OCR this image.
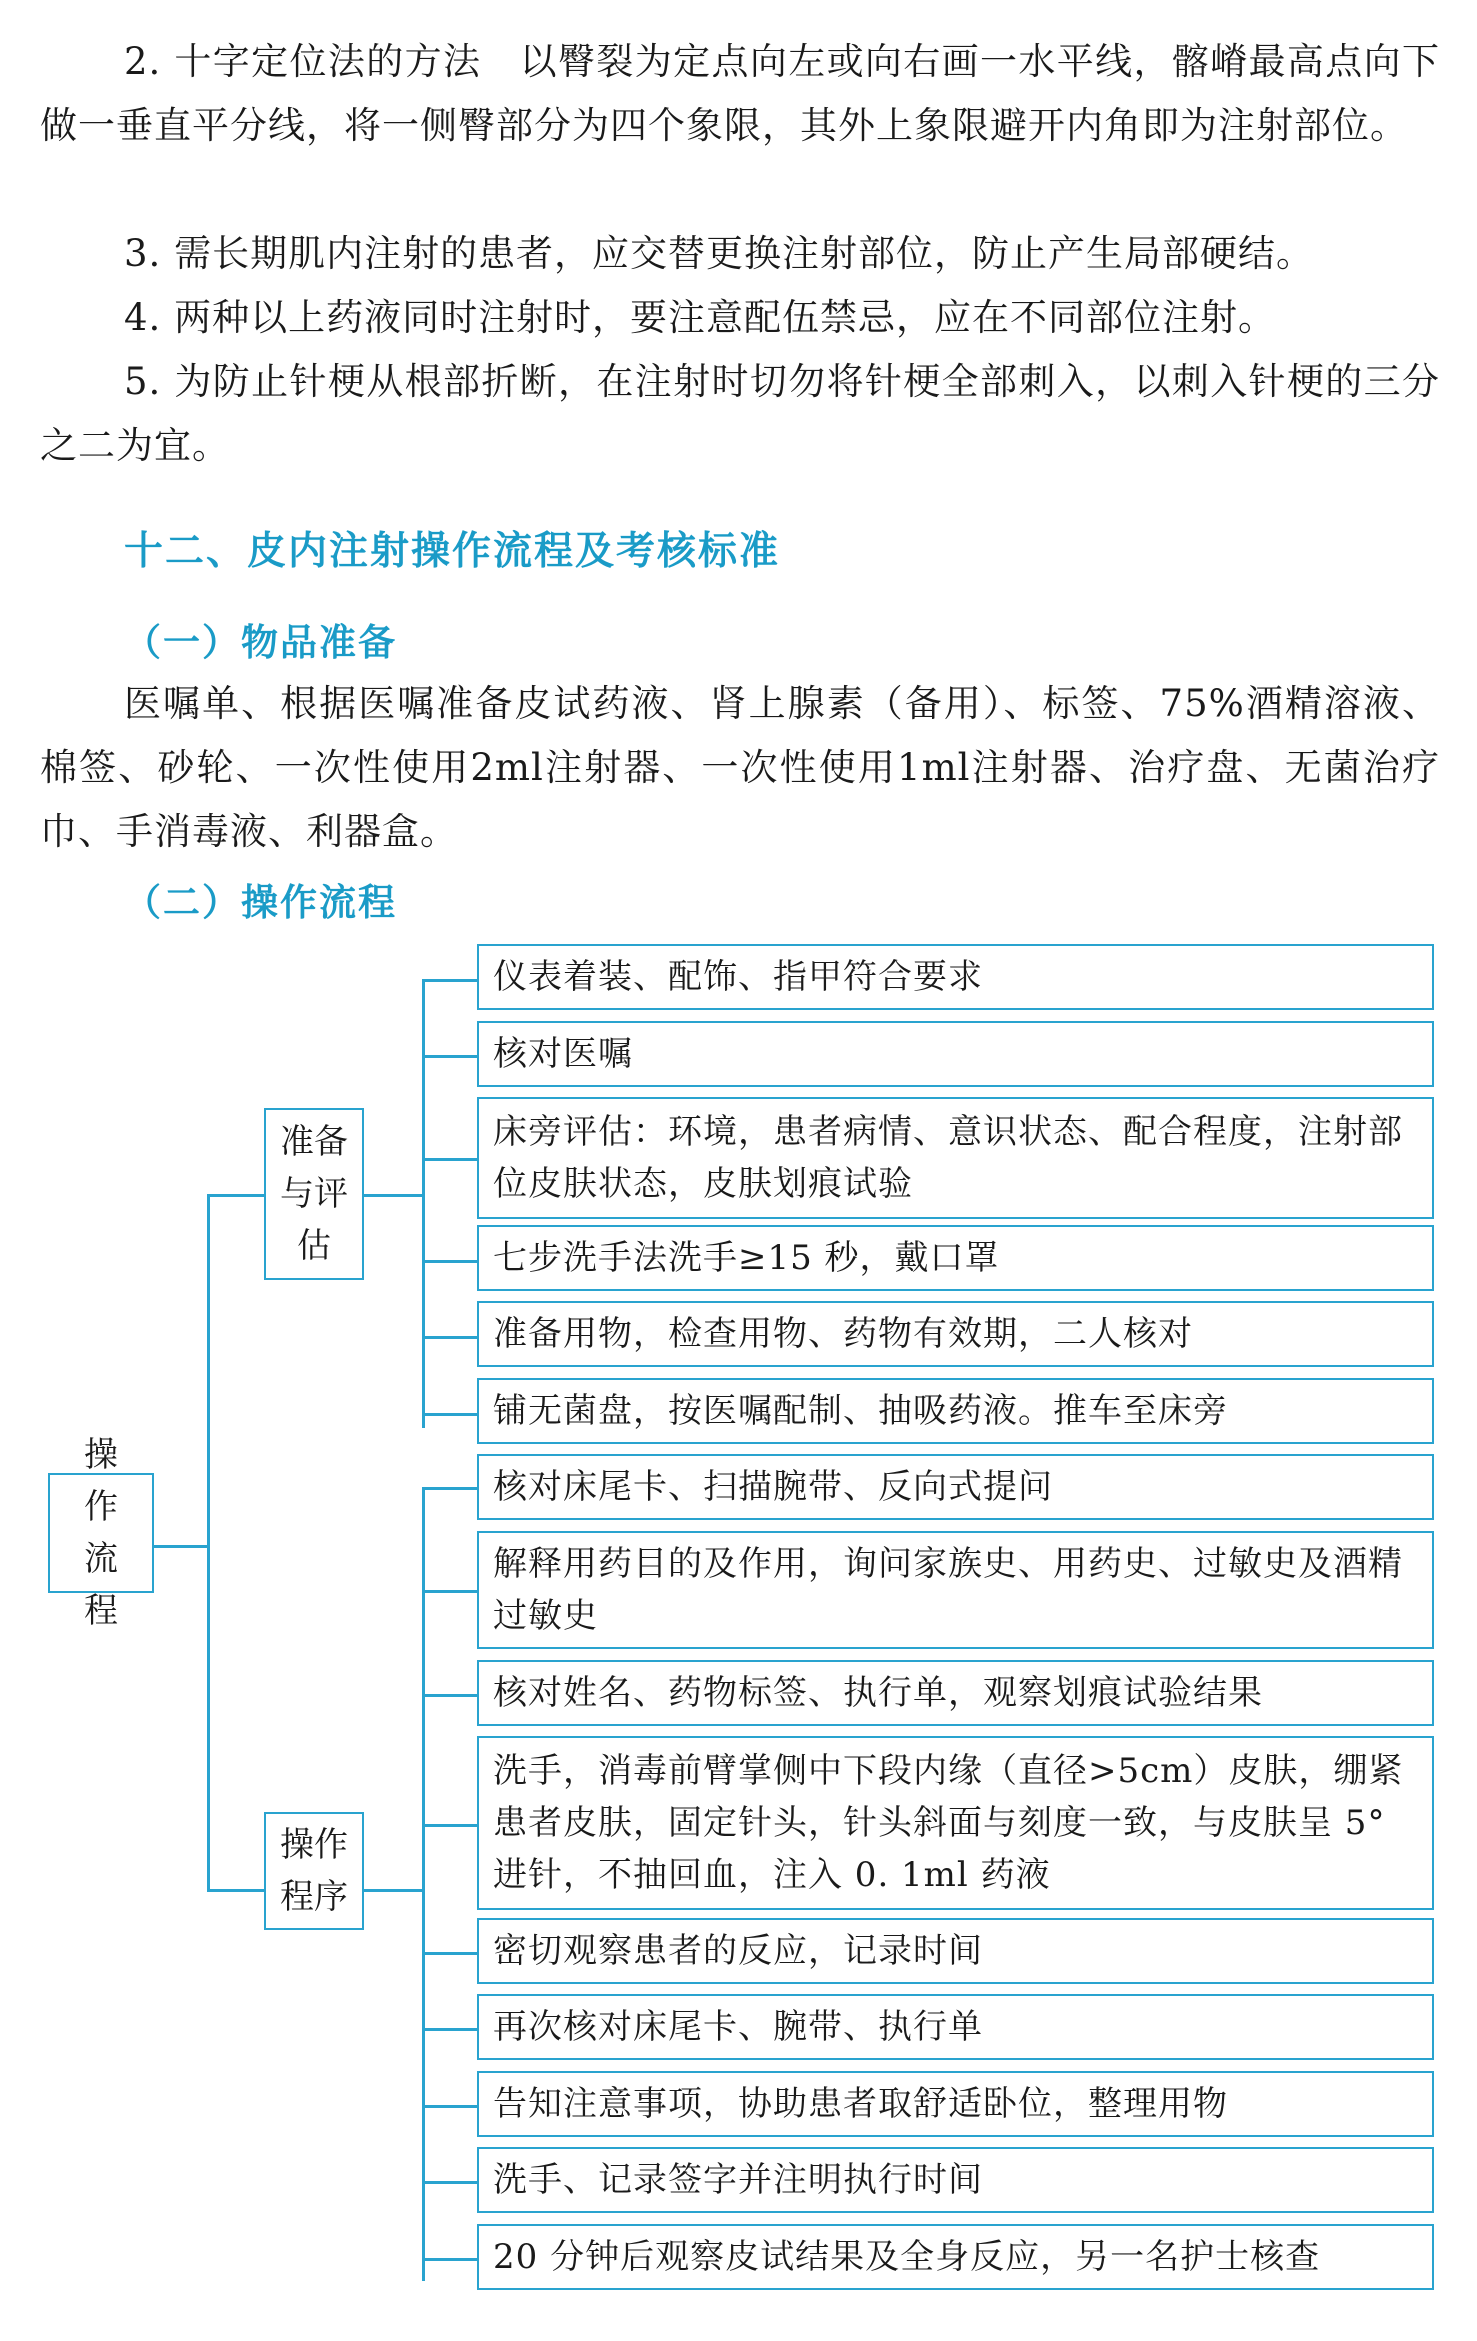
2. 十字定位法的方法　以臀裂为定点向左或向右画一水平线，髂嵴最高点向下做一垂直平分线，将一侧臀部分为四个象限，其外上象限避开内角即为注射部位。

3. 需长期肌内注射的患者，应交替更换注射部位，防止产生局部硬结。

4. 两种以上药液同时注射时，要注意配伍禁忌，应在不同部位注射。

5. 为防止针梗从根部折断，在注射时切勿将针梗全部刺入，以刺入针梗的三分之二为宜。

十二、皮内注射操作流程及考核标准
（一）物品准备

医嘱单、根据医嘱准备皮试药液、肾上腺素（备用）、标签、75%酒精溶液、棉签、砂轮、一次性使用2ml注射器、一次性使用1ml注射器、治疗盘、无菌治疗巾、手消毒液、利器盒。

（二）操作流程
操作流程
准备与评估
操作程序
仪表着装、配饰、指甲符合要求
核对医嘱
床旁评估：环境，患者病情、意识状态、配合程度，注射部位皮肤状态，皮肤划痕试验
七步洗手法洗手≥15 秒，戴口罩
准备用物，检查用物、药物有效期，二人核对
铺无菌盘，按医嘱配制、抽吸药液。推车至床旁
核对床尾卡、扫描腕带、反向式提问
解释用药目的及作用，询问家族史、用药史、过敏史及酒精过敏史
核对姓名、药物标签、执行单，观察划痕试验结果
洗手，消毒前臂掌侧中下段内缘（直径>5cm）皮肤，绷紧患者皮肤，固定针头，针头斜面与刻度一致，与皮肤呈 5°进针，不抽回血，注入 0. 1ml 药液
密切观察患者的反应，记录时间
再次核对床尾卡、腕带、执行单
告知注意事项，协助患者取舒适卧位，整理用物
洗手、记录签字并注明执行时间
20 分钟后观察皮试结果及全身反应，另一名护士核查
